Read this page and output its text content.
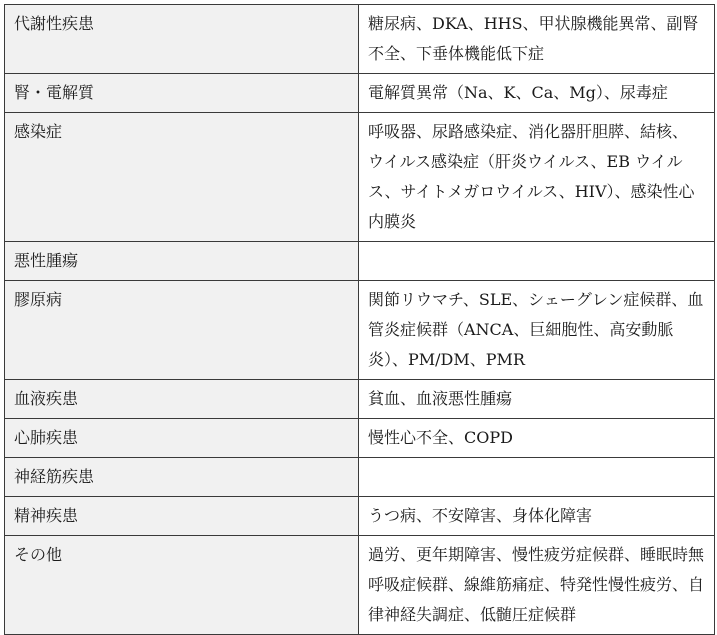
代謝性疾患	糖尿病、DKA、HHS、甲状腺機能異常、副腎不全、下垂体機能低下症
腎・電解質	電解質異常（Na、K、Ca、Mg）、尿毒症
感染症	呼吸器、尿路感染症、消化器肝胆膵、結核、ウイルス感染症（肝炎ウイルス、EB ウイルス、サイトメガロウイルス、HIV）、感染性心内膜炎
悪性腫瘍	
膠原病	関節リウマチ、SLE、シェーグレン症候群、血管炎症候群（ANCA、巨細胞性、高安動脈炎）、PM/DM、PMR
血液疾患	貧血、血液悪性腫瘍
心肺疾患	慢性心不全、COPD
神経筋疾患	
精神疾患	うつ病、不安障害、身体化障害
その他	過労、更年期障害、慢性疲労症候群、睡眠時無呼吸症候群、線維筋痛症、特発性慢性疲労、自律神経失調症、低髄圧症候群
